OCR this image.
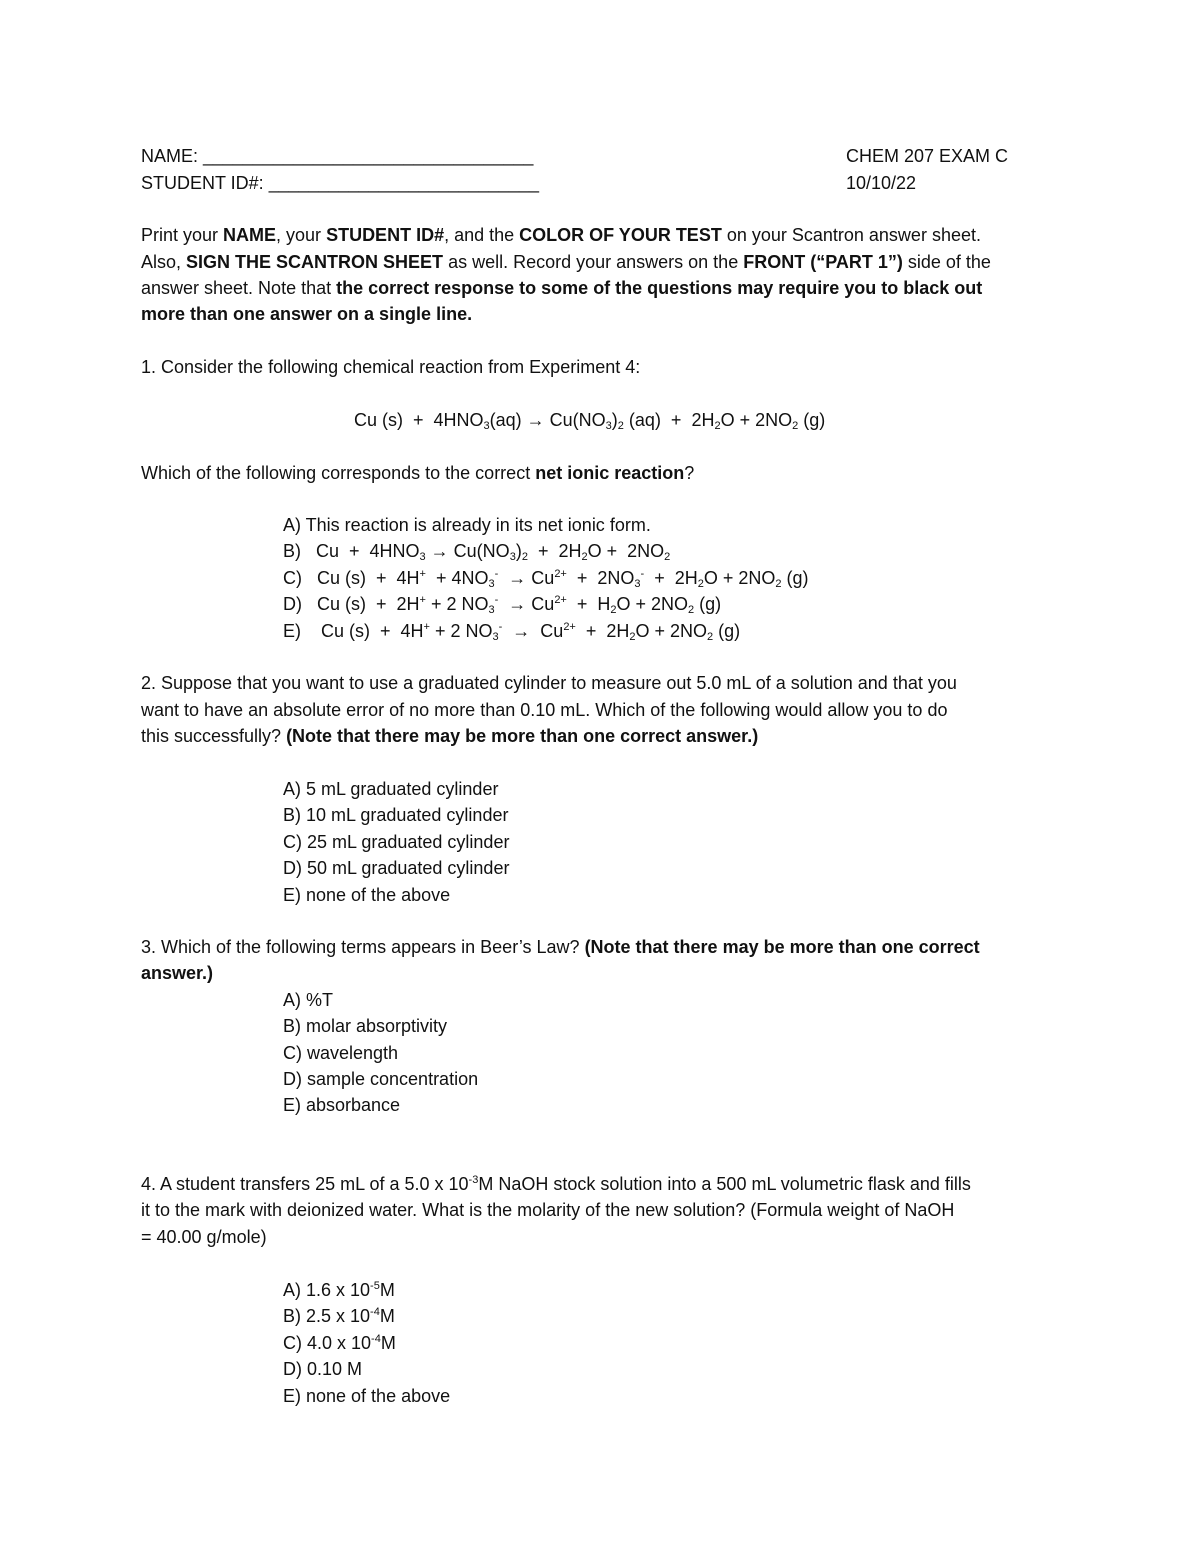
NAME: _________________________________
STUDENT ID#: ___________________________
CHEM 207 EXAM C
10/10/22
Print your NAME, your STUDENT ID#, and the COLOR OF YOUR TEST on your Scantron answer sheet.
Also, SIGN THE SCANTRON SHEET as well. Record your answers on the FRONT (“PART 1”) side of the
answer sheet. Note that the correct response to some of the questions may require you to black out
more than one answer on a single line.
1. Consider the following chemical reaction from Experiment 4:
Cu $(s) + 4HNO_3(aq) \to Cu(NO_3)_2$ $(aq) + 2H_2O + 2NO_2$ (g)
Which of the following corresponds to the correct net ionic reaction?
A) This reaction is already in its net ionic form.
B)   $Cu + 4HNO_3 \to Cu(NO_3)_2 + 2H_2O + 2NO_2$
C)   Cu $(s) + 4H^+ + 4NO_3^- \to Cu^{2+} + 2NO_3^- + 2H_2O + 2NO_2$ (g)
D)   Cu (s)  +  2H+ + 2 $NO_3^- \to Cu^{2+} + H_2O + 2NO_2$ (g)
E)    Cu (s)  +  4H+ + 2 $NO_3^- \to Cu^{2+} + 2H_2O + 2NO_2$ (g)
2. Suppose that you want to use a graduated cylinder to measure out 5.0 mL of a solution and that you
want to have an absolute error of no more than 0.10 mL. Which of the following would allow you to do
this successfully? (Note that there may be more than one correct answer.)
A) 5 mL graduated cylinder
B) 10 mL graduated cylinder
C) 25 mL graduated cylinder
D) 50 mL graduated cylinder
E) none of the above
3. Which of the following terms appears in Beer’s Law? (Note that there may be more than one correct
answer.)
A) %T
B) molar absorptivity
C) wavelength
D) sample concentration
E) absorbance
4. A student transfers 25 mL of a 5.0 x $10^{-3}M$ NaOH stock solution into a 500 mL volumetric flask and fills
it to the mark with deionized water. What is the molarity of the new solution? (Formula weight of NaOH
= 40.00 g/mole)
A) 1.6 x $10^{-5}M$
B) 2.5 x $10^{-4}M$
C) 4.0 x $10^{-4}M$
D) 0.10 M
E) none of the above
